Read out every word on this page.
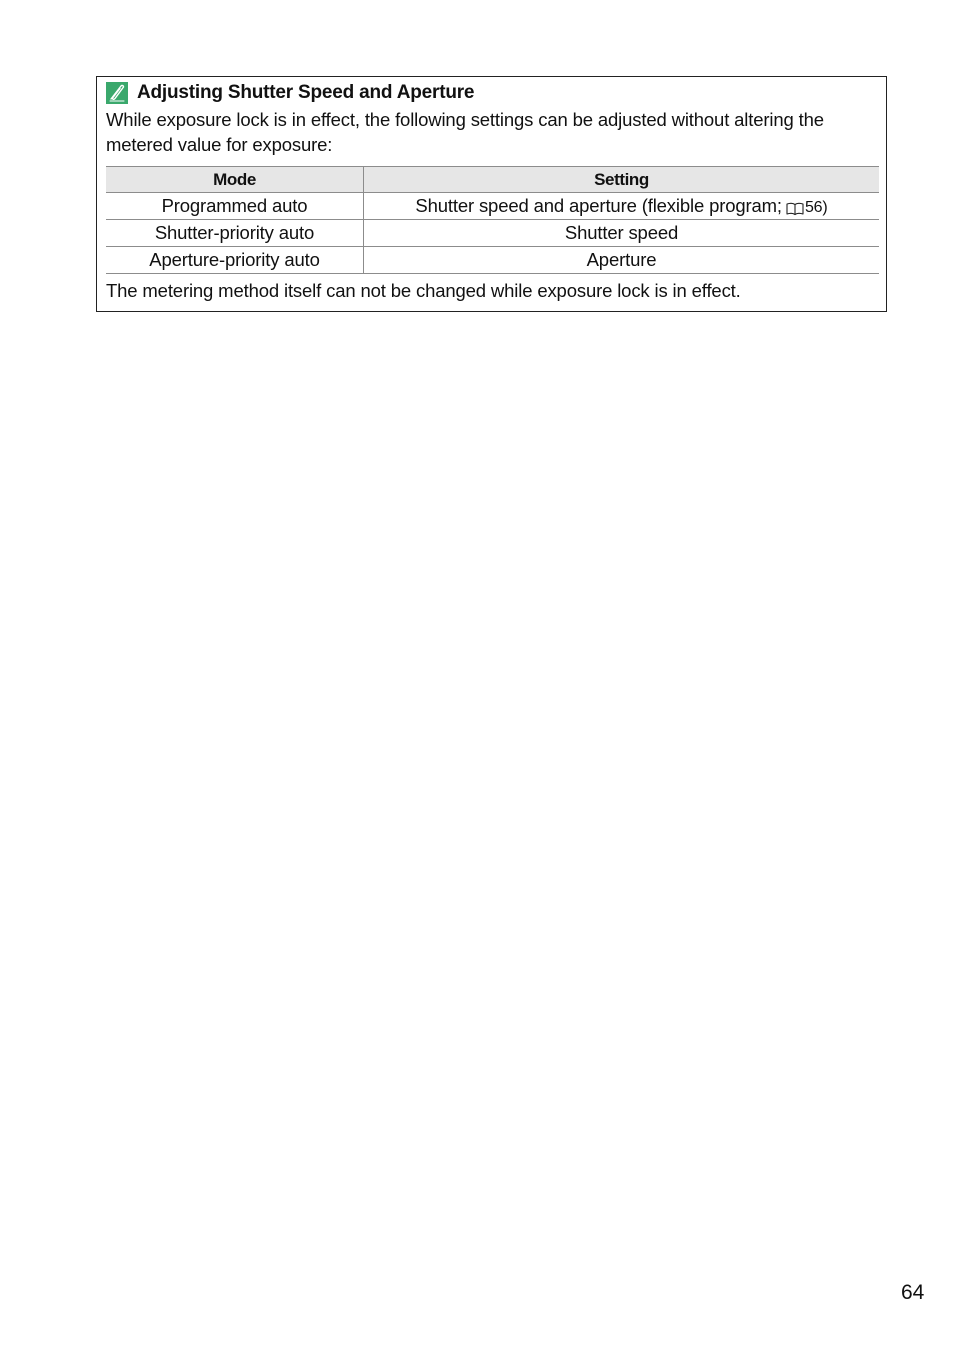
Adjusting Shutter Speed and Aperture
While exposure lock is in effect, the following settings can be adjusted without altering the metered value for exposure:
Mode	Setting
Programmed auto	Shutter speed and aperture (flexible program; 56)
Shutter-priority auto	Shutter speed
Aperture-priority auto	Aperture
The metering method itself can not be changed while exposure lock is in effect.
64
